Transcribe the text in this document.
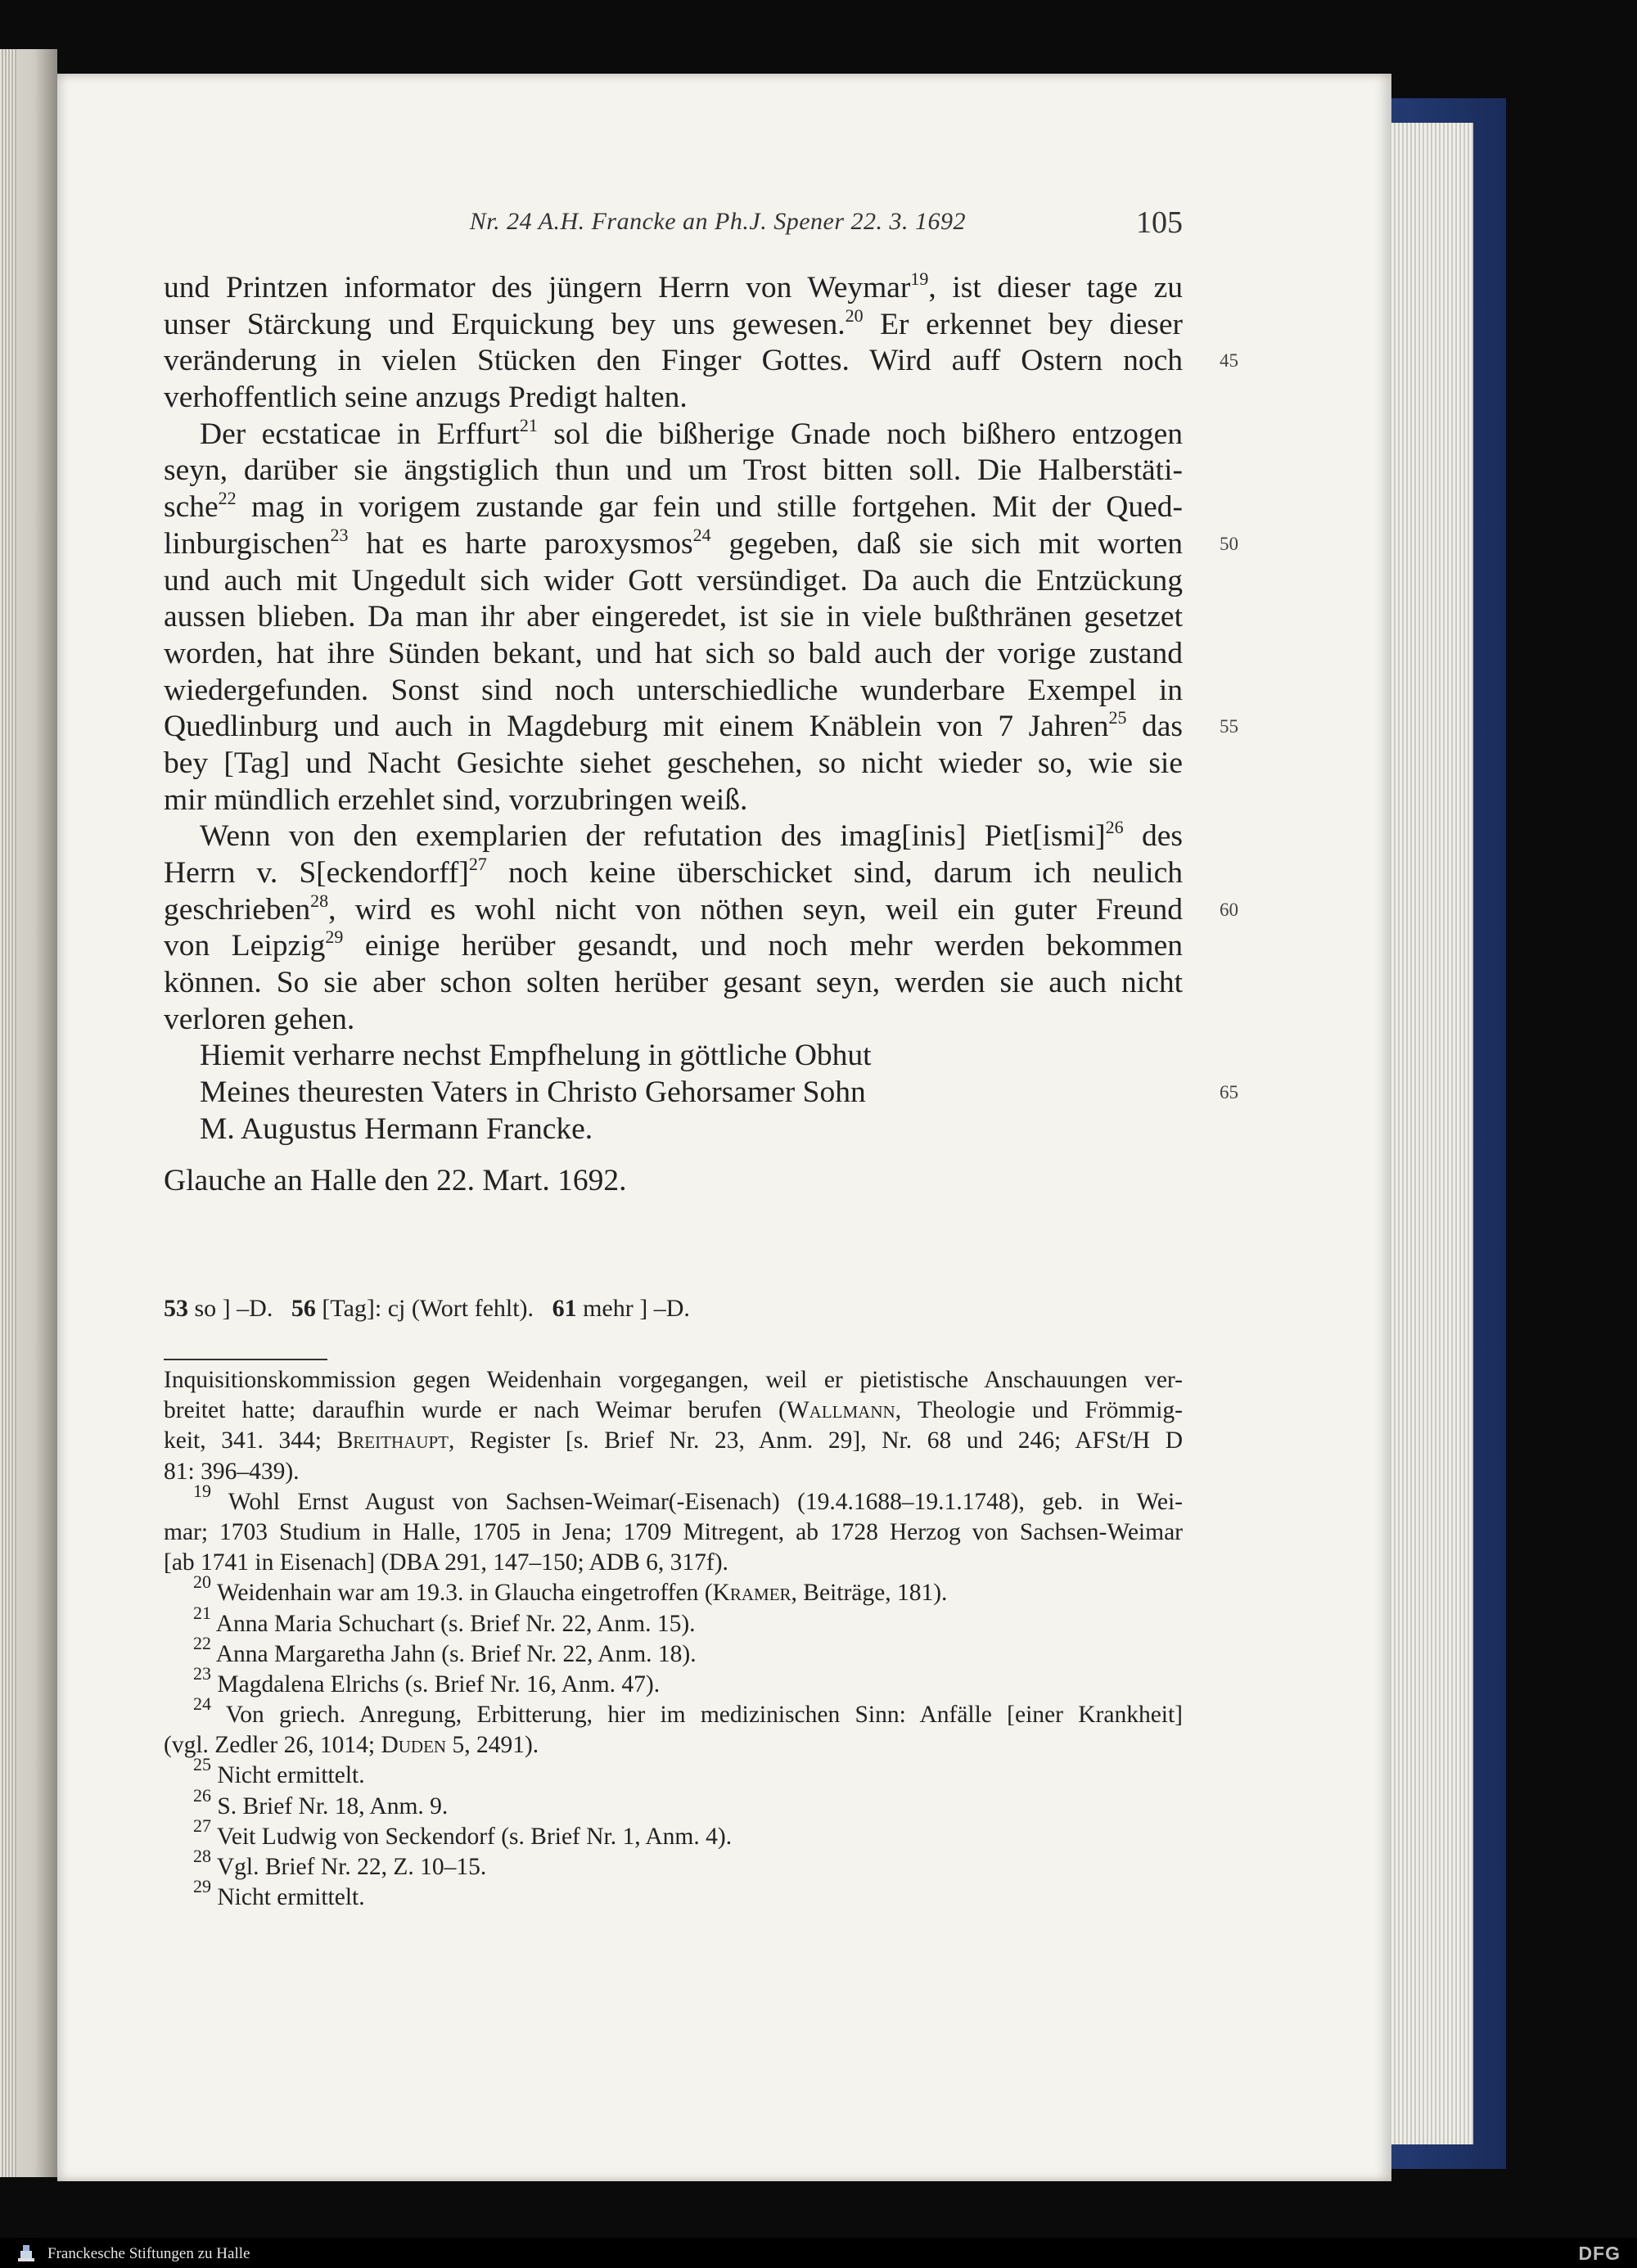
Nr. 24 A.H. Francke an Ph.J. Spener 22. 3. 1692	105
und Printzen informator des jüngern Herrn von Weymar$^{19}$, ist dieser tage zu
unser Stärckung und Erquickung bey uns gewesen.$^{20}$ Er erkennet bey dieser
veränderung in vielen Stücken den Finger Gottes. Wird auff Ostern noch 45
verhoffentlich seine anzugs Predigt halten.
Der ecstaticae in Erffurt$^{21}$ sol die bißherige Gnade noch bißhero entzogen
seyn, darüber sie ängstiglich thun und um Trost bitten soll. Die Halberstäti-
sche$^{22}$ mag in vorigem zustande gar fein und stille fortgehen. Mit der Qued-
linburgischen$^{23}$ hat es harte paroxysmos$^{24}$ gegeben, daß sie sich mit worten 50
und auch mit Ungedult sich wider Gott versündiget. Da auch die Entzückung
aussen blieben. Da man ihr aber eingeredet, ist sie in viele bußthränen gesetzet
worden, hat ihre Sünden bekant, und hat sich so bald auch der vorige zustand
wiedergefunden. Sonst sind noch unterschiedliche wunderbare Exempel in
Quedlinburg und auch in Magdeburg mit einem Knäblein von 7 Jahren$^{25}$ das 55
bey [Tag] und Nacht Gesichte siehet geschehen, so nicht wieder so, wie sie
mir mündlich erzehlet sind, vorzubringen weiß.
Wenn von den exemplarien der refutation des imag[inis] Piet[ismi]$^{26}$ des
Herrn v. S[eckendorff]$^{27}$ noch keine überschicket sind, darum ich neulich
geschrieben$^{28}$, wird es wohl nicht von nöthen seyn, weil ein guter Freund 60
von Leipzig$^{29}$ einige herüber gesandt, und noch mehr werden bekommen
können. So sie aber schon solten herüber gesant seyn, werden sie auch nicht
verloren gehen.
Hiemit verharre nechst Empfhelung in göttliche Obhut
Meines theuresten Vaters in Christo Gehorsamer Sohn	65
M. Augustus Hermann Francke.
Glauche an Halle den 22. Mart. 1692.
53 so ] –D.   56 [Tag]: cj (Wort fehlt).   61 mehr ] –D.
Inquisitionskommission gegen Weidenhain vorgegangen, weil er pietistische Anschauungen ver-
breitet hatte; daraufhin wurde er nach Weimar berufen (Wallmann, Theologie und Frömmig-
keit, 341. 344; Breithaupt, Register [s. Brief Nr. 23, Anm. 29], Nr. 68 und 246; AFSt/H D
81: 396–439).
$^{19}$ Wohl Ernst August von Sachsen-Weimar(-Eisenach) (19.4.1688–19.1.1748), geb. in Wei-
mar; 1703 Studium in Halle, 1705 in Jena; 1709 Mitregent, ab 1728 Herzog von Sachsen-Weimar
[ab 1741 in Eisenach] (DBA 291, 147–150; ADB 6, 317f).
$^{20}$ Weidenhain war am 19.3. in Glaucha eingetroffen (Kramer, Beiträge, 181).
$^{21}$ Anna Maria Schuchart (s. Brief Nr. 22, Anm. 15).
$^{22}$ Anna Margaretha Jahn (s. Brief Nr. 22, Anm. 18).
$^{23}$ Magdalena Elrichs (s. Brief Nr. 16, Anm. 47).
$^{24}$ Von griech. Anregung, Erbitterung, hier im medizinischen Sinn: Anfälle [einer Krankheit]
(vgl. Zedler 26, 1014; Duden 5, 2491).
$^{25}$ Nicht ermittelt.
$^{26}$ S. Brief Nr. 18, Anm. 9.
$^{27}$ Veit Ludwig von Seckendorf (s. Brief Nr. 1, Anm. 4).
$^{28}$ Vgl. Brief Nr. 22, Z. 10–15.
$^{29}$ Nicht ermittelt.
Franckesche Stiftungen zu Halle	DFG
